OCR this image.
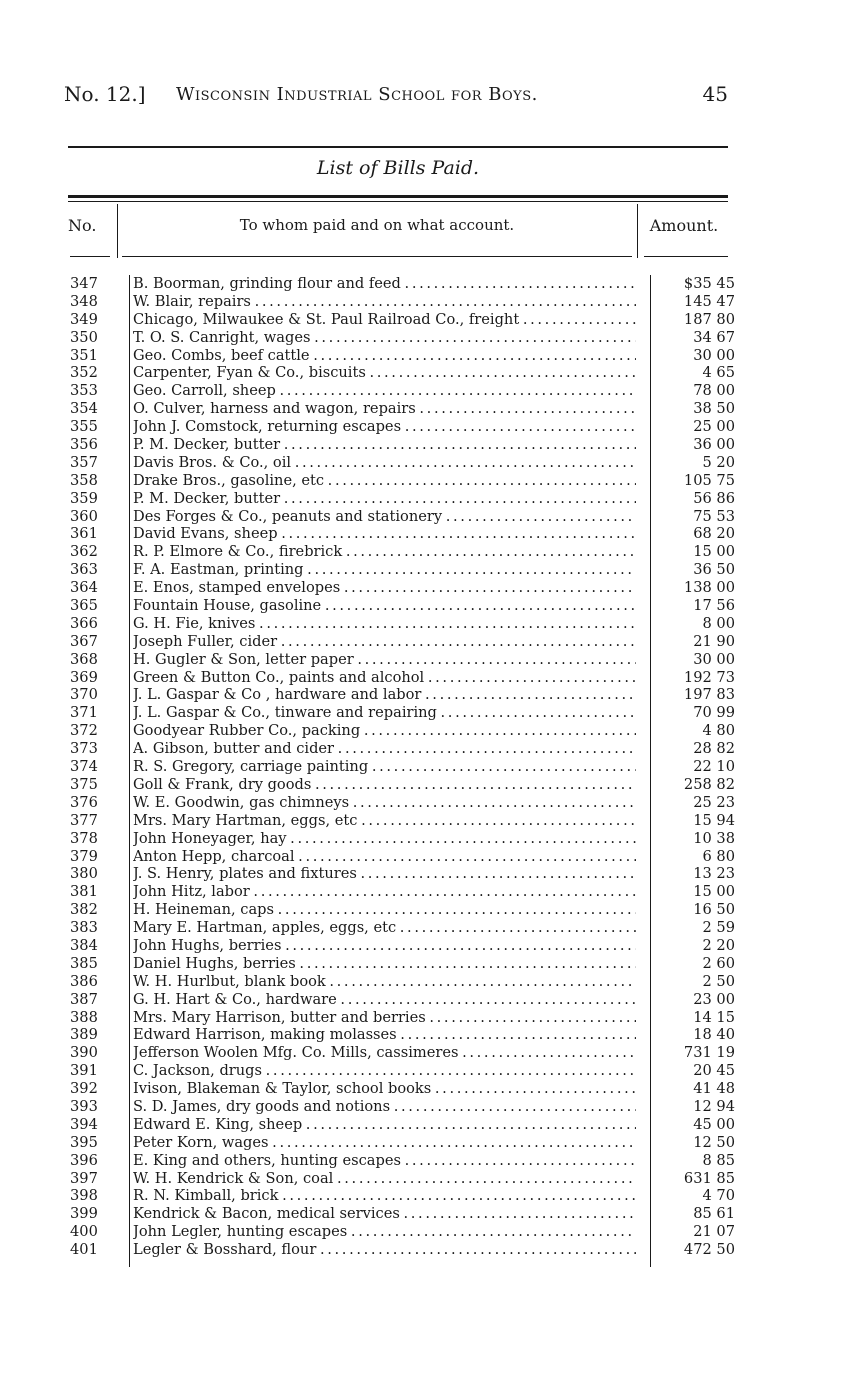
No. 12.] Wisconsin Industrial School for Boys.	45
List of Bills Paid.
No.	To whom paid and on what account.	Amount.
347	B. Boorman, grinding flour and feed . . .	$35 45
348	W. Blair, repairs . . .	145 47
349	Chicago, Milwaukee & St. Paul Railroad Co., freight . . .	187 80
350	T. O. S. Canright, wages . . .	34 67
351	Geo. Combs, beef cattle . . .	30 00
352	Carpenter, Fyan & Co., biscuits . . .	4 65
353	Geo. Carroll, sheep . . .	78 00
354	O. Culver, harness and wagon, repairs . . .	38 50
355	John J. Comstock, returning escapes . . .	25 00
356	P. M. Decker, butter . . .	36 00
357	Davis Bros. & Co., oil . . .	5 20
358	Drake Bros., gasoline, etc . . .	105 75
359	P. M. Decker, butter . . .	56 86
360	Des Forges & Co., peanuts and stationery . . .	75 53
361	David Evans, sheep . . .	68 20
362	R. P. Elmore & Co., firebrick . . .	15 00
363	F. A. Eastman, printing . . .	36 50
364	E. Enos, stamped envelopes . . .	138 00
365	Fountain House, gasoline . . .	17 56
366	G. H. Fie, knives . . .	8 00
367	Joseph Fuller, cider . . .	21 90
368	H. Gugler & Son, letter paper . . .	30 00
369	Green & Button Co., paints and alcohol . . .	192 73
370	J. L. Gaspar & Co , hardware and labor . . .	197 83
371	J. L. Gaspar & Co., tinware and repairing . . .	70 99
372	Goodyear Rubber Co., packing . . .	4 80
373	A. Gibson, butter and cider . . .	28 82
374	R. S. Gregory, carriage painting . . .	22 10
375	Goll & Frank, dry goods . . .	258 82
376	W. E. Goodwin, gas chimneys . . .	25 23
377	Mrs. Mary Hartman, eggs, etc . . .	15 94
378	John Honeyager, hay . . .	10 38
379	Anton Hepp, charcoal . . .	6 80
380	J. S. Henry, plates and fixtures . . .	13 23
381	John Hitz, labor . . .	15 00
382	H. Heineman, caps . . .	16 50
383	Mary E. Hartman, apples, eggs, etc . . .	2 59
384	John Hughs, berries . . .	2 20
385	Daniel Hughs, berries . . .	2 60
386	W. H. Hurlbut, blank book . . .	2 50
387	G. H. Hart & Co., hardware . . .	23 00
388	Mrs. Mary Harrison, butter and berries . . .	14 15
389	Edward Harrison, making molasses . . .	18 40
390	Jefferson Woolen Mfg. Co. Mills, cassimeres . . .	731 19
391	C. Jackson, drugs . . .	20 45
392	Ivison, Blakeman & Taylor, school books . . .	41 48
393	S. D. James, dry goods and notions . . .	12 94
394	Edward E. King, sheep . . .	45 00
395	Peter Korn, wages . . .	12 50
396	E. King and others, hunting escapes . . .	8 85
397	W. H. Kendrick & Son, coal . . .	631 85
398	R. N. Kimball, brick . . .	4 70
399	Kendrick & Bacon, medical services . . .	85 61
400	John Legler, hunting escapes . . .	21 07
401	Legler & Bosshard, flour . . .	472 50
